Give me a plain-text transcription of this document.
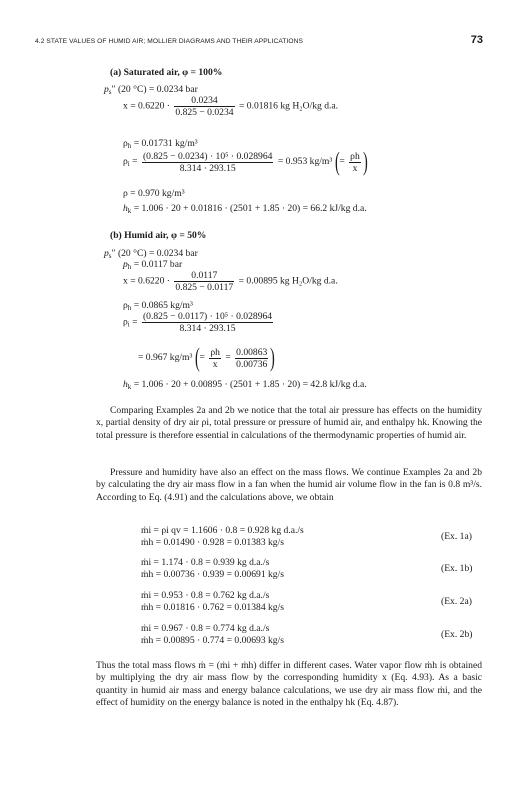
4.2 STATE VALUES OF HUMID AIR; MOLLIER DIAGRAMS AND THEIR APPLICATIONS	73
(a) Saturated air, φ = 100%
$p_s''$ (20 °C) = 0.0234 bar
$x = 0.6220 \cdot \frac{0.0234}{0.825 - 0.0234} = 0.01816$ kg H₂O/kg d.a.
$\rho_h = 0.01731$ kg/m³
$\rho_i = \frac{\text{(0.825 − 0.0234) · 10⁵ · 0.028964}}{8.314 \cdot 293.15} = 0.953$ kg/m³ (= $\frac{\rho h}{x}$ )
ρ = 0.970 kg/m³
$h_k = 1.006 \cdot 20 + 0.01816 \cdot (2501 + 1.85 \cdot 20) = 66.2$ kJ/kg d.a.
(b) Humid air, φ = 50%
$p_s''$ (20 °C) = 0.0234 bar
$p_h = 0.0117$ bar
$x = 0.6220 \cdot \frac{0.0117}{0.825 - 0.0117} = 0.00895$ kg H₂O/kg d.a.
$\rho_h = 0.0865$ kg/m³
$\rho_i = \frac{\text{(0.825 − 0.0117) · 10⁵ · 0.028964}}{8.314 \cdot 293.15}$
= 0.967 kg/m³ (= $\frac{\rho h}{x} = \frac{0.00863}{0.00736}$ )
$h_k = 1.006 \cdot 20 + 0.00895 \cdot (2501 + 1.85 \cdot 20) = 42.8$ kJ/kg d.a.
Comparing Examples 2a and 2b we notice that the total air pressure has effects on the humidity x, partial density of dry air ρi, total pressure or pressure of humid air, and enthalpy hk. Knowing the total pressure is therefore essential in calculations of the thermodynamic properties of humid air.
Pressure and humidity have also an effect on the mass flows. We continue Examples 2a and 2b by calculating the dry air mass flow in a fan when the humid air volume flow in the fan is 0.8 m³/s. According to Eq. (4.91) and the calculations above, we obtain
ṁi = ρi qv = 1.1606 · 0.8 = 0.928 kg d.a./s
ṁh = 0.01490 · 0.928 = 0.01383 kg/s
(Ex. 1a)
ṁi = 1.174 · 0.8 = 0.939 kg d.a./s
ṁh = 0.00736 · 0.939 = 0.00691 kg/s
(Ex. 1b)
ṁi = 0.953 · 0.8 = 0.762 kg d.a./s
ṁh = 0.01816 · 0.762 = 0.01384 kg/s
(Ex. 2a)
ṁi = 0.967 · 0.8 = 0.774 kg d.a./s
ṁh = 0.00895 · 0.774 = 0.00693 kg/s
(Ex. 2b)
Thus the total mass flows ṁ = (ṁi + ṁh) differ in different cases. Water vapor flow ṁh is obtained by multiplying the dry air mass flow by the corresponding humidity x (Eq. 4.93). As a basic quantity in humid air mass and energy balance calculations, we use dry air mass flow ṁi, and the effect of humidity on the energy balance is noted in the enthalpy hk (Eq. 4.87).
